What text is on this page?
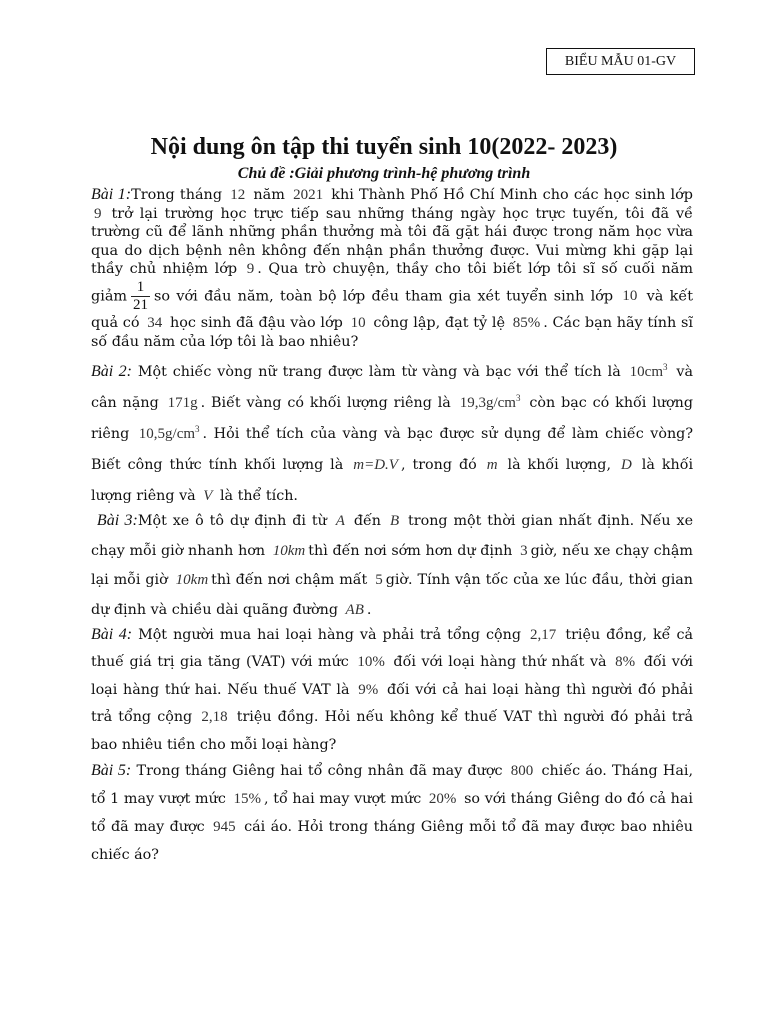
BIỂU MẪU 01-GV
Nội dung ôn tập thi tuyển sinh 10(2022- 2023)
Chủ đề :Giải phương trình-hệ phương trình
Bài 1:Trong tháng 12 năm 2021 khi Thành Phố Hồ Chí Minh cho các học sinh lớp 9 trở lại trường học trực tiếp sau những tháng ngày học trực tuyến, tôi đã về trường cũ để lãnh những phần thưởng mà tôi đã gặt hái được trong năm học vừa qua do dịch bệnh nên không đến nhận phần thưởng được. Vui mừng khi gặp lại thầy chủ nhiệm lớp 9 . Qua trò chuyện, thầy cho tôi biết lớp tôi sĩ số cuối năm giảm $\frac{1}{21}$ so với đầu năm, toàn bộ lớp đều tham gia xét tuyển sinh lớp 10 và kết quả có 34 học sinh đã đậu vào lớp 10 công lập, đạt tỷ lệ 85% . Các bạn hãy tính sĩ số đầu năm của lớp tôi là bao nhiêu?
Bài 2: Một chiếc vòng nữ trang được làm từ vàng và bạc với thể tích là $10cm^3$ và cân nặng 171g . Biết vàng có khối lượng riêng là $19,3g/cm^3$ còn bạc có khối lượng riêng $10,5g/cm^3$ . Hỏi thể tích của vàng và bạc được sử dụng để làm chiếc vòng? Biết công thức tính khối lượng là m=D.V , trong đó m là khối lượng, D là khối lượng riêng và V là thể tích.
Bài 3:Một xe ô tô dự định đi từ A đến B trong một thời gian nhất định. Nếu xe chạy mỗi giờ nhanh hơn 10km thì đến nơi sớm hơn dự định 3 giờ, nếu xe chạy chậm lại mỗi giờ 10km thì đến nơi chậm mất 5 giờ. Tính vận tốc của xe lúc đầu, thời gian dự định và chiều dài quãng đường AB .
Bài 4: Một người mua hai loại hàng và phải trả tổng cộng 2,17 triệu đồng, kể cả thuế giá trị gia tăng (VAT) với mức 10% đối với loại hàng thứ nhất và 8% đối với loại hàng thứ hai. Nếu thuế VAT là 9% đối với cả hai loại hàng thì người đó phải trả tổng cộng 2,18 triệu đồng. Hỏi nếu không kể thuế VAT thì người đó phải trả bao nhiêu tiền cho mỗi loại hàng?
Bài 5: Trong tháng Giêng hai tổ công nhân đã may được 800 chiếc áo. Tháng Hai, tổ 1 may vượt mức 15% , tổ hai may vượt mức 20% so với tháng Giêng do đó cả hai tổ đã may được 945 cái áo. Hỏi trong tháng Giêng mỗi tổ đã may được bao nhiêu chiếc áo?
